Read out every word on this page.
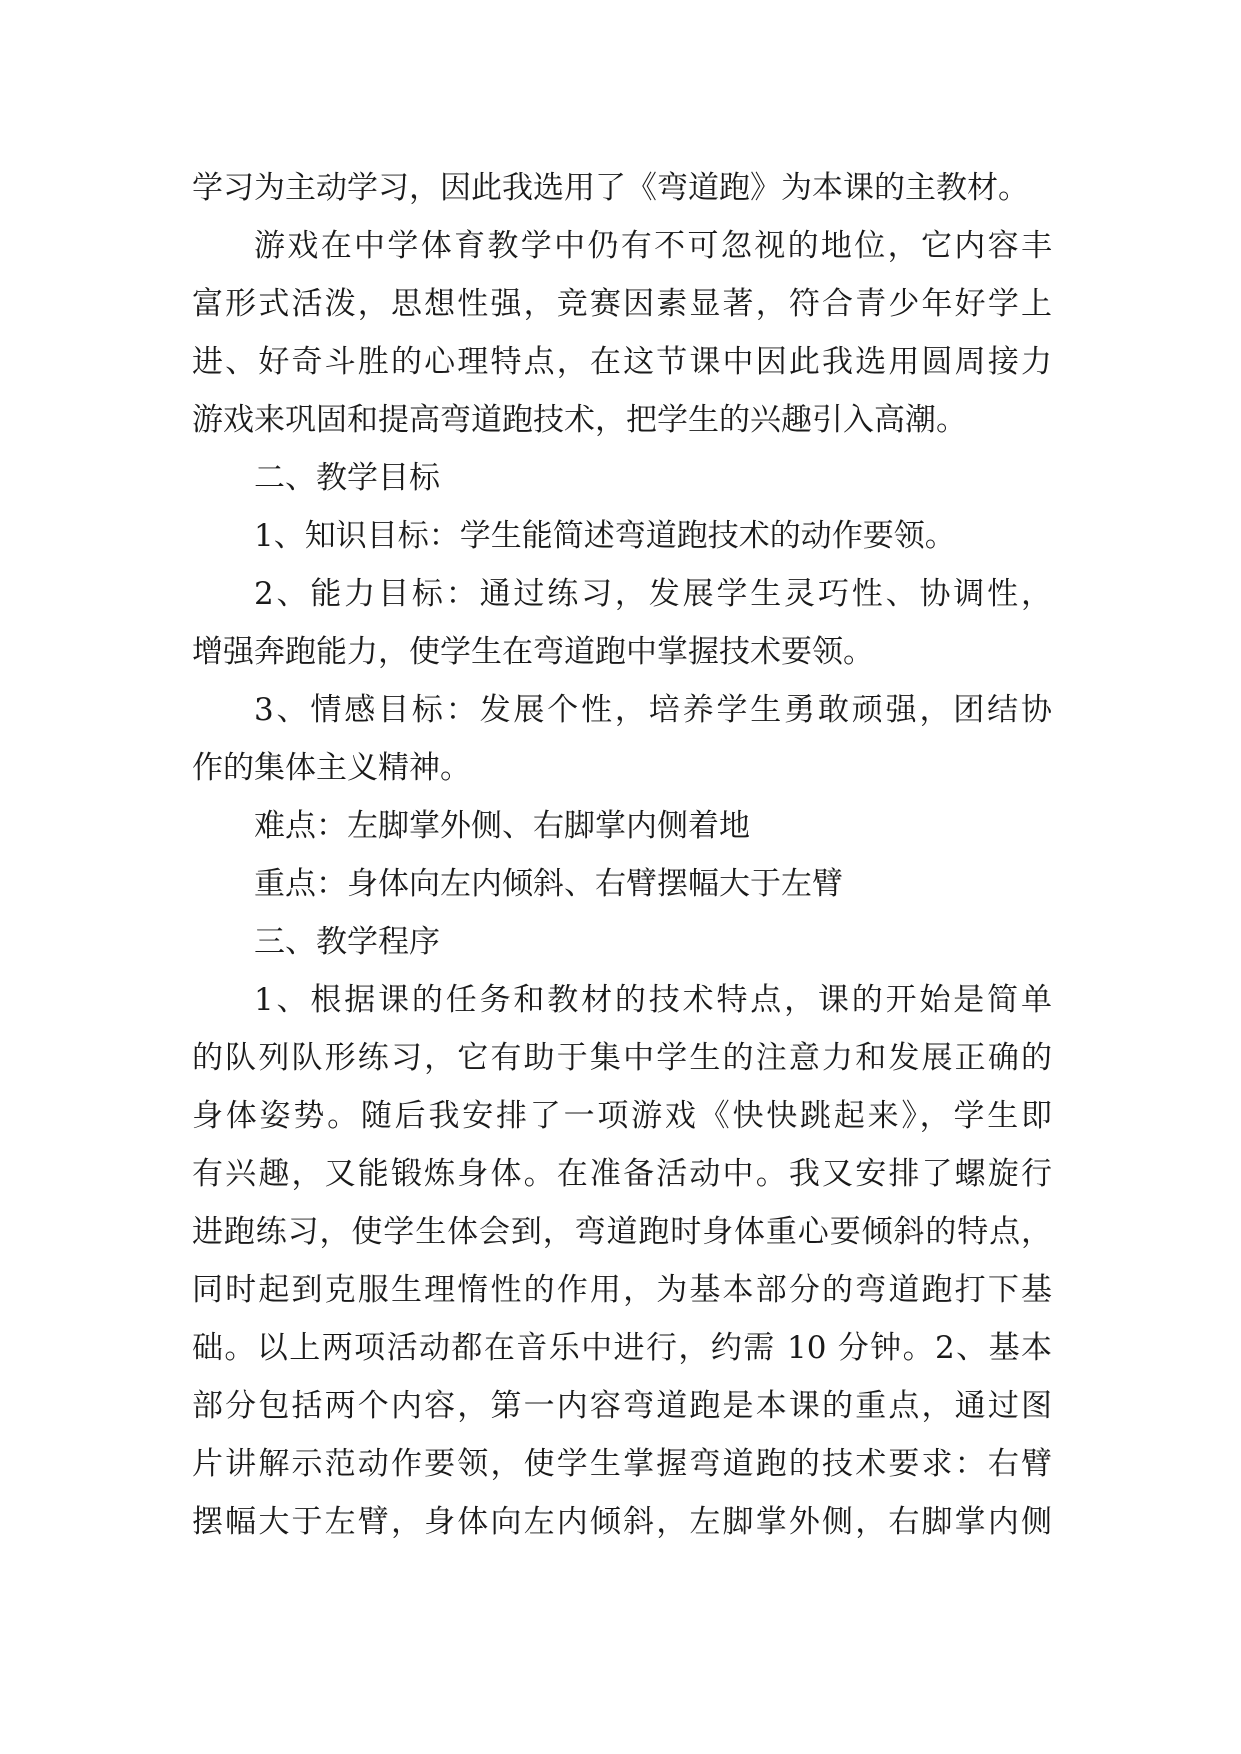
学习为主动学习，因此我选用了《弯道跑》为本课的主教材。
游戏在中学体育教学中仍有不可忽视的地位，它内容丰
富形式活泼，思想性强，竞赛因素显著，符合青少年好学上
进、好奇斗胜的心理特点，在这节课中因此我选用圆周接力
游戏来巩固和提高弯道跑技术，把学生的兴趣引入高潮。
二、教学目标
1、知识目标：学生能简述弯道跑技术的动作要领。
2、能力目标：通过练习，发展学生灵巧性、协调性，
增强奔跑能力，使学生在弯道跑中掌握技术要领。
3、情感目标：发展个性，培养学生勇敢顽强，团结协
作的集体主义精神。
难点：左脚掌外侧、右脚掌内侧着地
重点：身体向左内倾斜、右臂摆幅大于左臂
三、教学程序
1、根据课的任务和教材的技术特点，课的开始是简单
的队列队形练习，它有助于集中学生的注意力和发展正确的
身体姿势。随后我安排了一项游戏《快快跳起来》，学生即
有兴趣，又能锻炼身体。在准备活动中。我又安排了螺旋行
进跑练习，使学生体会到，弯道跑时身体重心要倾斜的特点，
同时起到克服生理惰性的作用，为基本部分的弯道跑打下基
础。以上两项活动都在音乐中进行，约需 10 分钟。2、基本
部分包括两个内容，第一内容弯道跑是本课的重点，通过图
片讲解示范动作要领，使学生掌握弯道跑的技术要求：右臂
摆幅大于左臂，身体向左内倾斜，左脚掌外侧，右脚掌内侧
